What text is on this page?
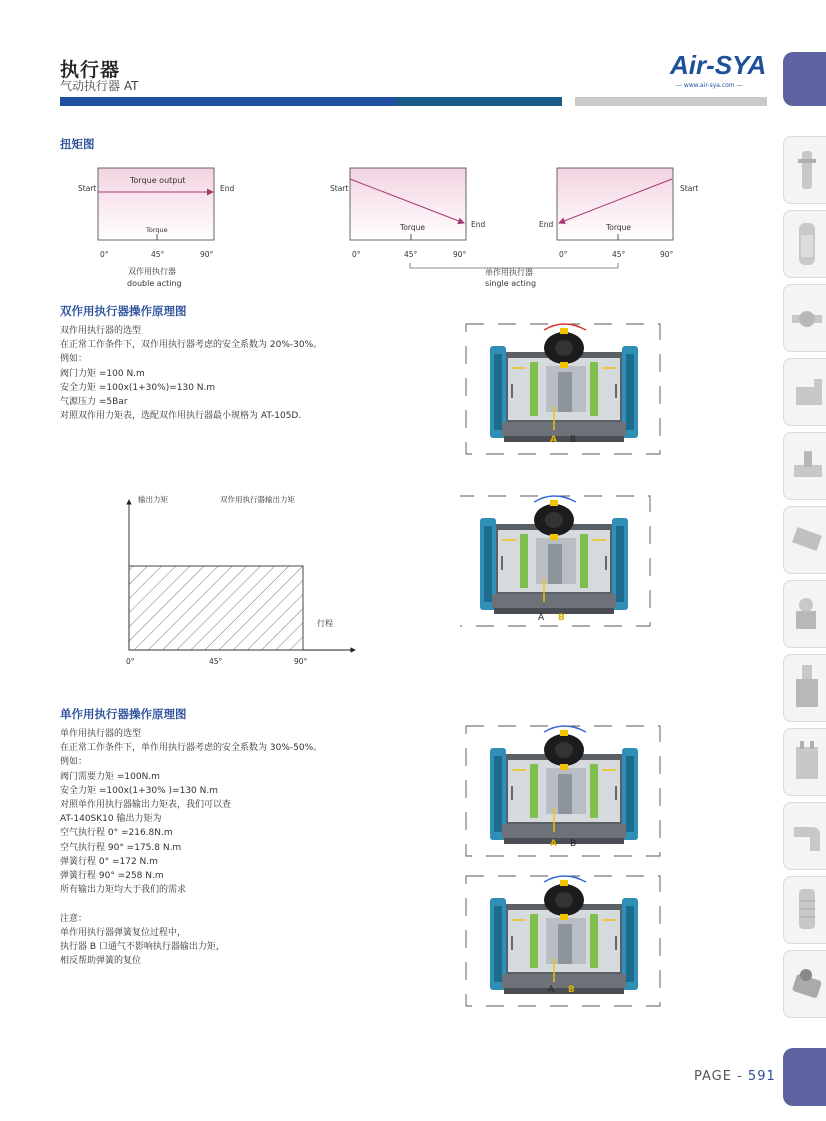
执行器
气动执行器 AT
Air-SYA
— www.air-sya.com —
扭矩图
Start	End
Torque output
Torque
0°	45°	90°
双作用执行器
double acting
Start
End
Torque
0°	45°	90°
Start
End	Torque
0°	45°	90°
单作用执行器
single acting
双作用执行器操作原理图
双作用执行器的选型
在正常工作条件下，双作用执行器考虑的安全系数为 20%-30%。
例如：
阀门力矩 =100 N.m
安全力矩 =100x(1+30%)=130 N.m
气源压力 =5Bar
对照双作用力矩表，选配双作用执行器最小规格为 AT-105D.
输出力矩	双作用执行器输出力矩
行程
0°	45°	90°
单作用执行器操作原理图
单作用执行器的选型
在正常工作条件下，单作用执行器考虑的安全系数为 30%-50%。
例如：
阀门需要力矩 =100N.m
安全力矩 =100x(1+30% )=130 N.m
对照单作用执行器输出力矩表，我们可以查
AT-140SK10 输出力矩为
空气执行程 0° =216.8N.m
空气执行程 90° =175.8 N.m
弹簧行程 0° =172 N.m
弹簧行程 90° =258 N.m
所有输出力矩均大于我们的需求
注意：
单作用执行器弹簧复位过程中，
执行器 B 口通气不影响执行器输出力矩，
相反帮助弹簧的复位
A B
A B
A B
A B
PAGE - 591
